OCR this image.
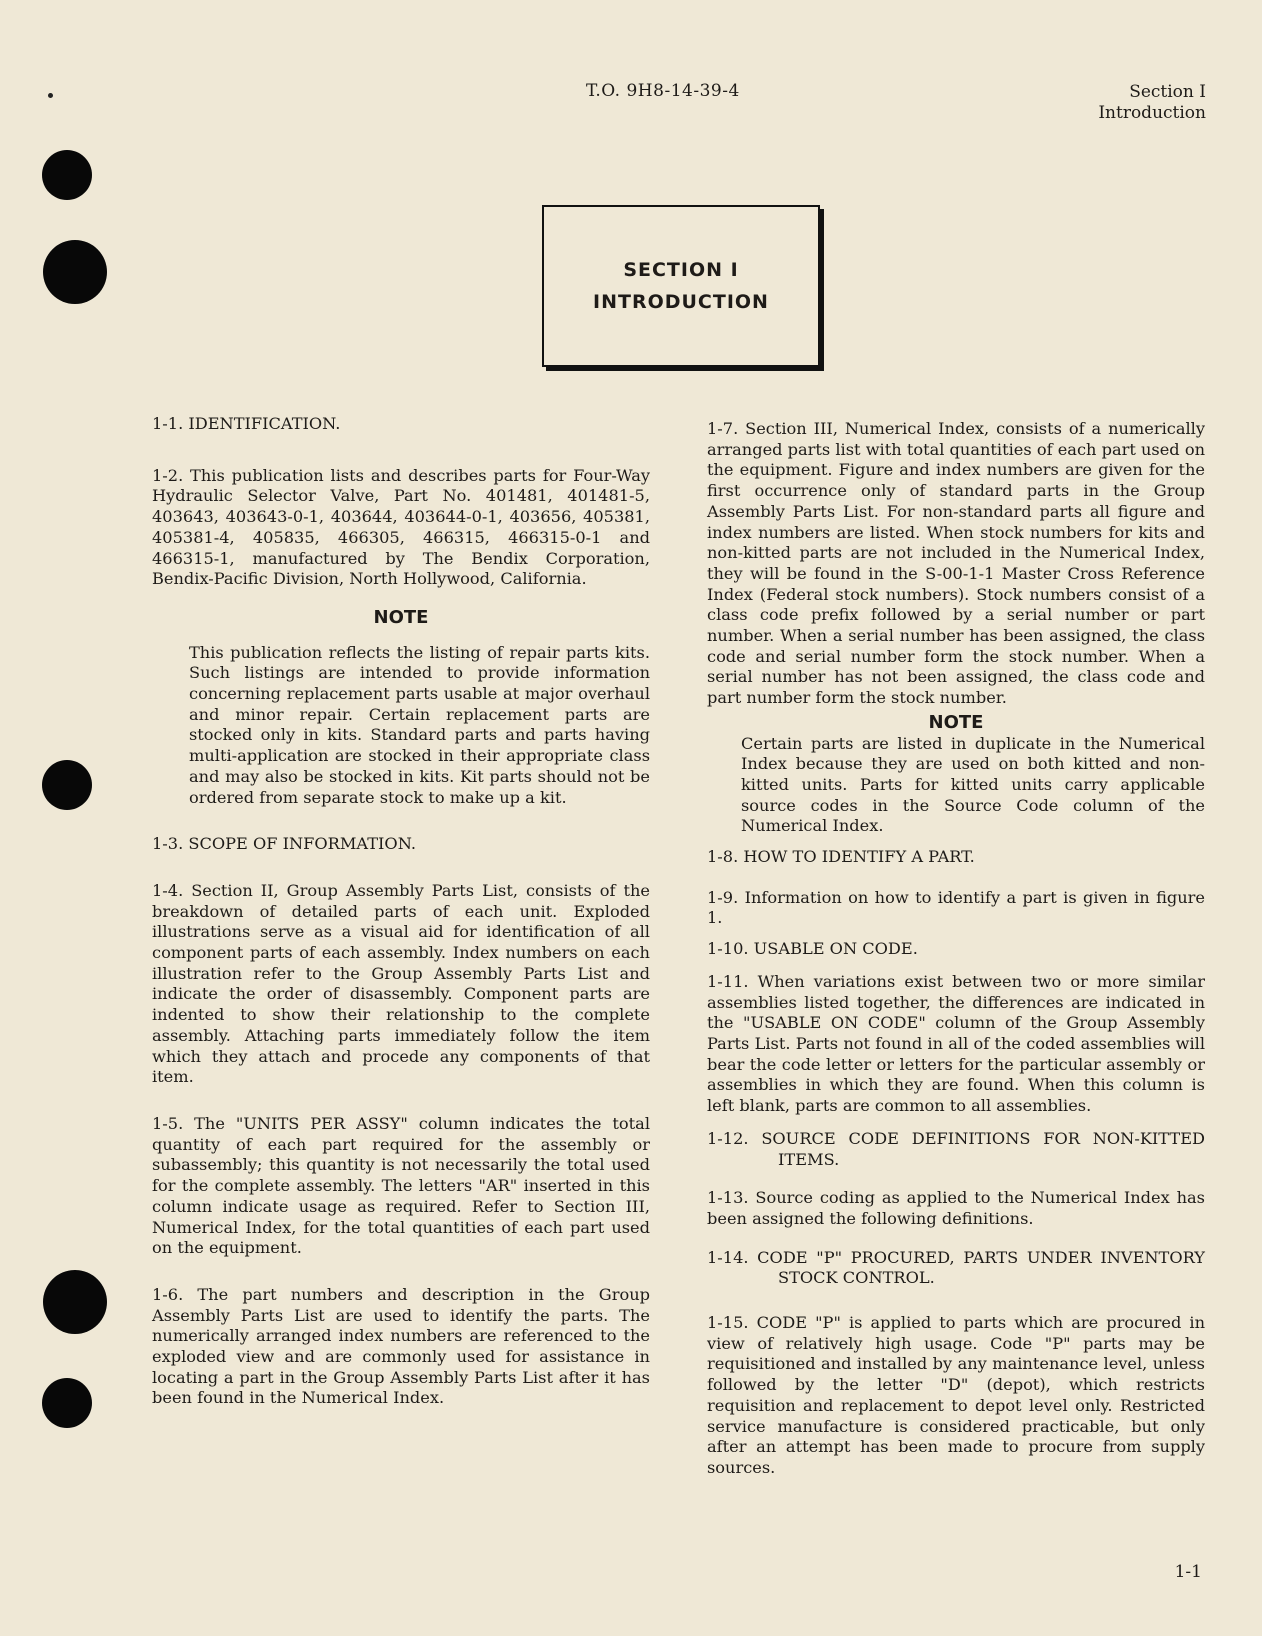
T.O. 9H8-14-39-4	Section I
Introduction
SECTION I
INTRODUCTION

1-1. IDENTIFICATION.

1-2. This publication lists and describes parts for Four-Way Hydraulic Selector Valve, Part No. 401481, 401481-5, 403643, 403643-0-1, 403644, 403644-0-1, 403656, 405381, 405381-4, 405835, 466305, 466315, 466315-0-1 and 466315-1, manufactured by The Bendix Corporation, Bendix-Pacific Division, North Hollywood, California.

NOTE

This publication reflects the listing of repair parts kits. Such listings are intended to provide information concerning replacement parts usable at major overhaul and minor repair. Certain replacement parts are stocked only in kits. Standard parts and parts having multi-application are stocked in their appropriate class and may also be stocked in kits. Kit parts should not be ordered from separate stock to make up a kit.

1-3. SCOPE OF INFORMATION.

1-4. Section II, Group Assembly Parts List, consists of the breakdown of detailed parts of each unit. Exploded illustrations serve as a visual aid for identification of all component parts of each assembly. Index numbers on each illustration refer to the Group Assembly Parts List and indicate the order of disassembly. Component parts are indented to show their relationship to the complete assembly. Attaching parts immediately follow the item which they attach and procede any components of that item.

1-5. The "UNITS PER ASSY" column indicates the total quantity of each part required for the assembly or subassembly; this quantity is not necessarily the total used for the complete assembly. The letters "AR" inserted in this column indicate usage as required. Refer to Section III, Numerical Index, for the total quantities of each part used on the equipment.

1-6. The part numbers and description in the Group Assembly Parts List are used to identify the parts. The numerically arranged index numbers are referenced to the exploded view and are commonly used for assistance in locating a part in the Group Assembly Parts List after it has been found in the Numerical Index.

1-7. Section III, Numerical Index, consists of a numerically arranged parts list with total quantities of each part used on the equipment. Figure and index numbers are given for the first occurrence only of standard parts in the Group Assembly Parts List. For non-standard parts all figure and index numbers are listed. When stock numbers for kits and non-kitted parts are not included in the Numerical Index, they will be found in the S-00-1-1 Master Cross Reference Index (Federal stock numbers). Stock numbers consist of a class code prefix followed by a serial number or part number. When a serial number has been assigned, the class code and serial number form the stock number. When a serial number has not been assigned, the class code and part number form the stock number.

NOTE

Certain parts are listed in duplicate in the Numerical Index because they are used on both kitted and non-kitted units. Parts for kitted units carry applicable source codes in the Source Code column of the Numerical Index.

1-8. HOW TO IDENTIFY A PART.

1-9. Information on how to identify a part is given in figure 1.

1-10. USABLE ON CODE.

1-11. When variations exist between two or more similar assemblies listed together, the differences are indicated in the "USABLE ON CODE" column of the Group Assembly Parts List. Parts not found in all of the coded assemblies will bear the code letter or letters for the particular assembly or assemblies in which they are found. When this column is left blank, parts are common to all assemblies.

1-12. SOURCE CODE DEFINITIONS FOR NON-KITTED ITEMS.

1-13. Source coding as applied to the Numerical Index has been assigned the following definitions.

1-14. CODE "P" PROCURED, PARTS UNDER INVENTORY STOCK CONTROL.

1-15. CODE "P" is applied to parts which are procured in view of relatively high usage. Code "P" parts may be requisitioned and installed by any maintenance level, unless followed by the letter "D" (depot), which restricts requisition and replacement to depot level only. Restricted service manufacture is considered practicable, but only after an attempt has been made to procure from supply sources.

1-1
